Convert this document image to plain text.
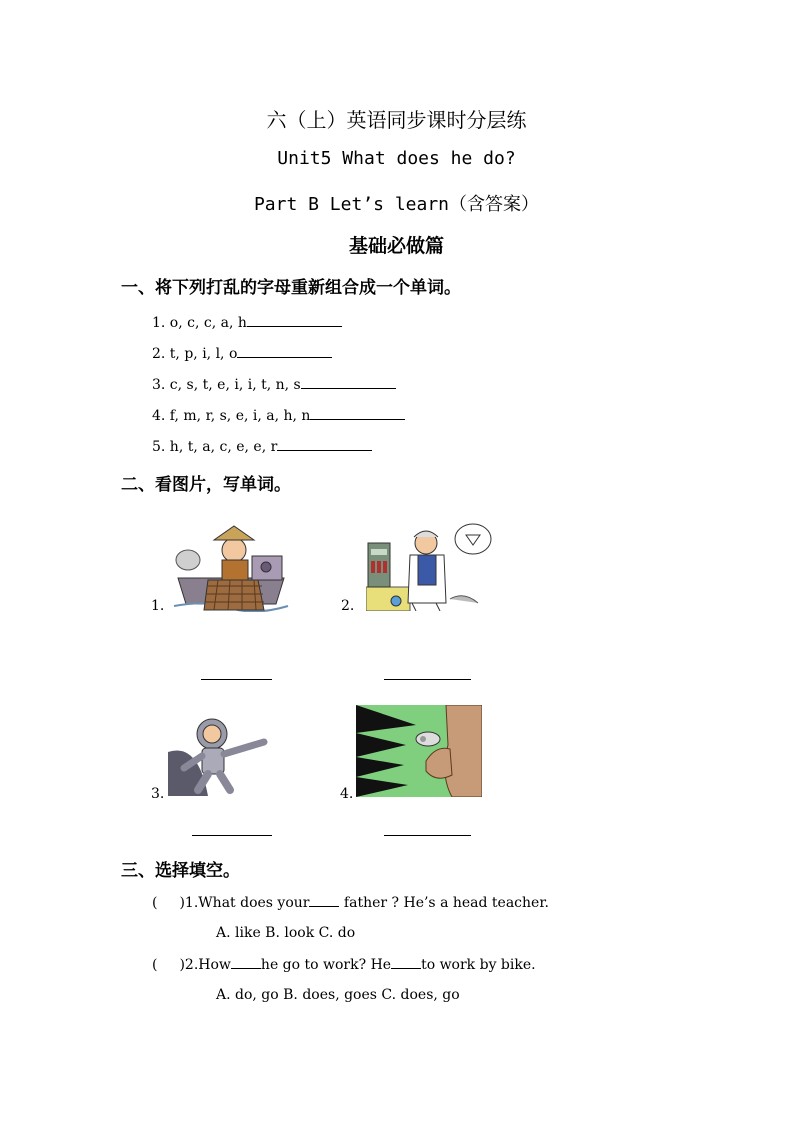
六（上）英语同步课时分层练
Unit5 What does he do?
Part B Let’s learn（含答案）
基础必做篇
一、将下列打乱的字母重新组合成一个单词。
1. o, c, c, a, h
2. t, p, i, l, o
3. c, s, t, e, i, i, t, n, s
4. f, m, r, s, e, i, a, h, n
5. h, t, a, c, e, e, r
二、看图片，写单词。
1.	2.
3.	4.
三、选择填空。
( )1.What does your father ? He’s a head teacher.
A. like B. look C. do
( )2.How he go to work? He to work by bike.
A. do, go B. does, goes C. does, go
